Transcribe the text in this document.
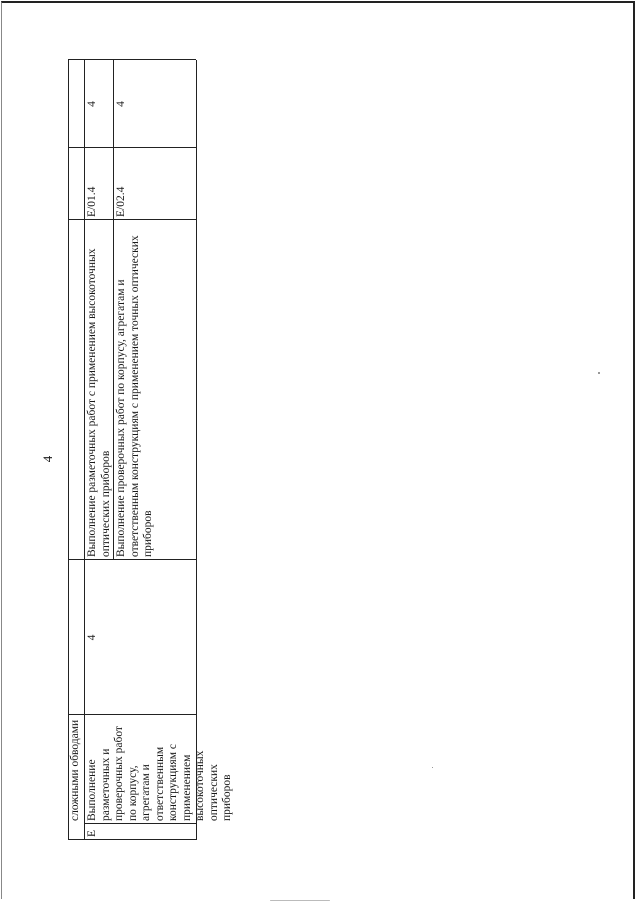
4
сложными обводами
Е
Выполнение разметочных и проверочных работ по корпусу, агрегатам и ответственным конструкциям с применением высокоточных оптических приборов
4
Выполнение разметочных работ с применением высокоточных оптических приборов
E/01.4
4
Выполнение проверочных работ по корпусу, агрегатам и ответственным конструкциям с применением точных оптических приборов
E/02.4
4
